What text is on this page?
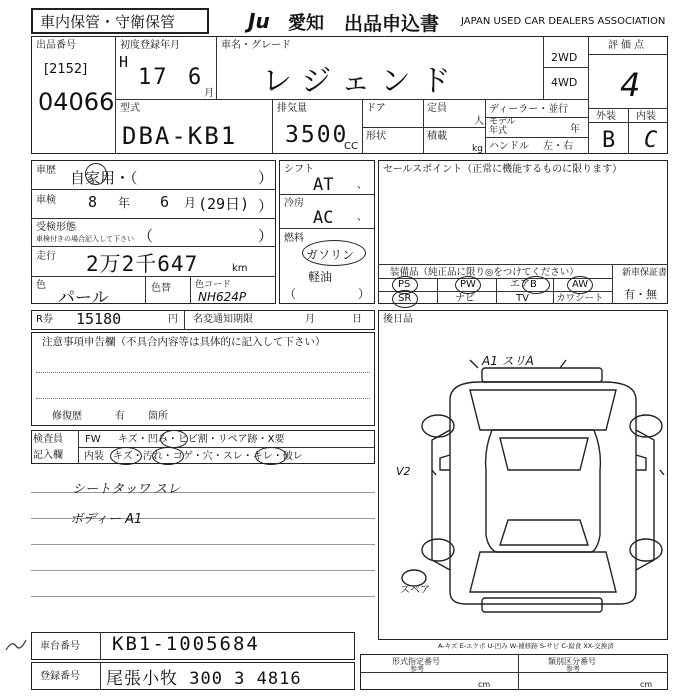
車内保管・守衛保管	Ju 愛知 出品申込書 JAPAN USED CAR DEALERS ASSOCIATION
出品番号
[2152]
04066
初度登録年月
H
17 6
月
車名・グレード
レジェンド
2WD
4WD
評価点
4
外装 内装
B C
型式
DBA-KB1
排気量
3500
CC
ドア
形状
定員
人
積載
kg
ディーラー・並行
モデル
年式	年
ハンドル 左・右
車歴 自家用・（	）
車検 8 年 6 月 (29日) ）
受検形態
車検付きの場合記入して下さい （	）
走行 2万2千647	km
色
パール	色替	色コード
NH624P
シフト
AT 、
冷房
AC 、
燃料
ガソリン
軽油
（	）
セールスポイント（正常に機能するものに限ります）
装備品（純正品に限り◎をつけてください）
PS	PW	エアB	AW
SR	ナビ	TV	カワシート
新車保証書
有・無
R券 15180	円 名変通知期限	月	日
注意事項申告欄（不具合内容等は具体的に記入して下さい）
修復歴	有 箇所
検査員
記入欄
FW キズ・凹み・ヒビ割・リペア跡・X要
内装 キズ・汚れ・コゲ・穴・スレ・キレ・破レ
シートタッワ スレ
ボディー A1
後日品
A1 スリA
V2
スペア
A-キズ E-エクボ U-凹み W-補修跡 S-サビ C-腐食 XX-交換済
車台番号 KB1-1005684
登録番号 尾張小牧 300 3 4816
形式指定番号	類別区分番号
参考	参考
cm	cm
